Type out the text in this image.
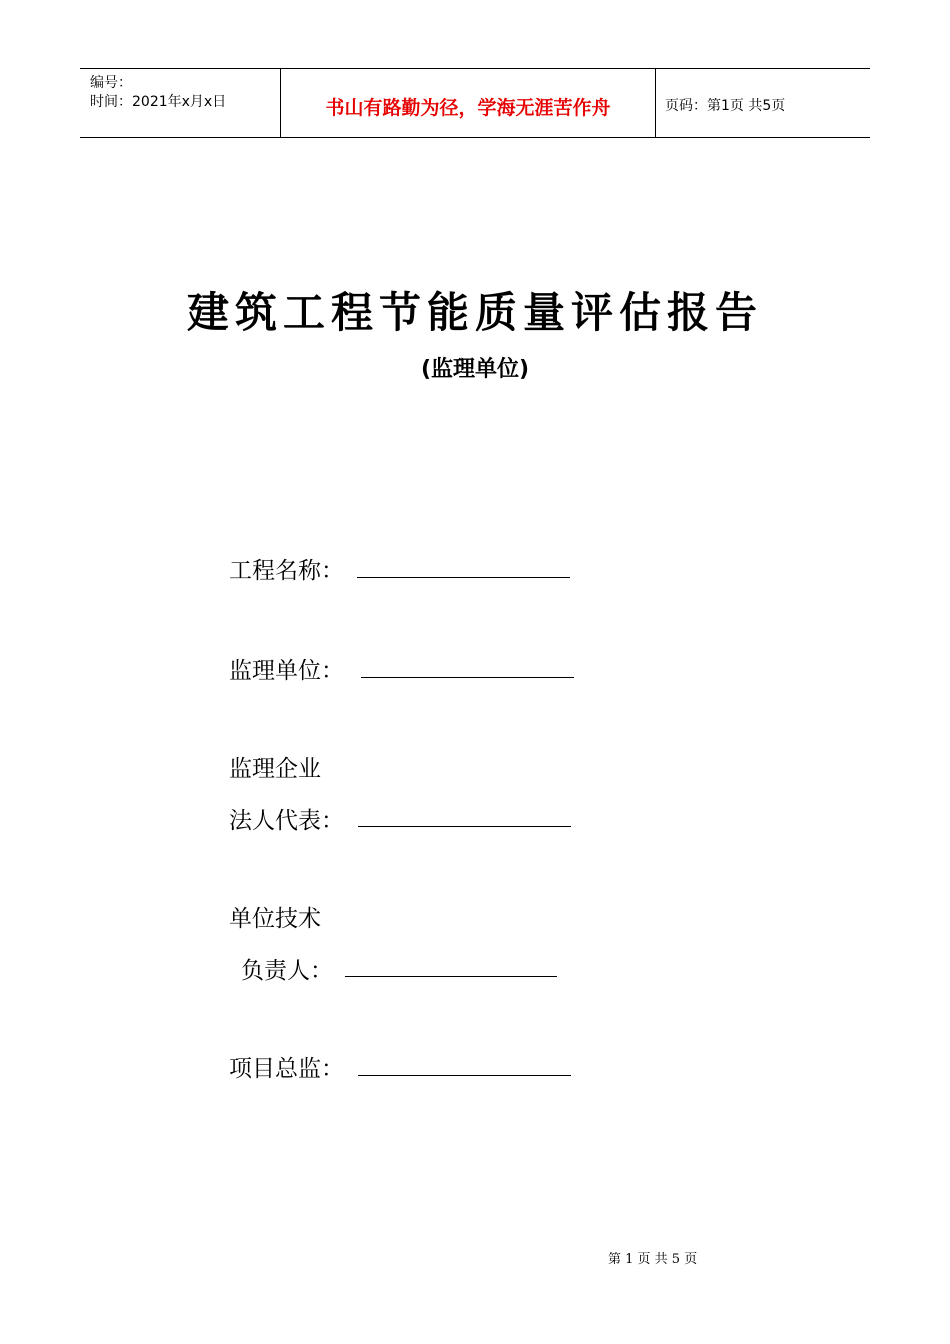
编号：
时间：2021年x月x日	书山有路勤为径，学海无涯苦作舟	页码：第1页 共5页
建筑工程节能质量评估报告
(监理单位)
工程名称：
监理单位：
监理企业
法人代表：
单位技术
负责人：
项目总监：
第 1 页 共 5 页
